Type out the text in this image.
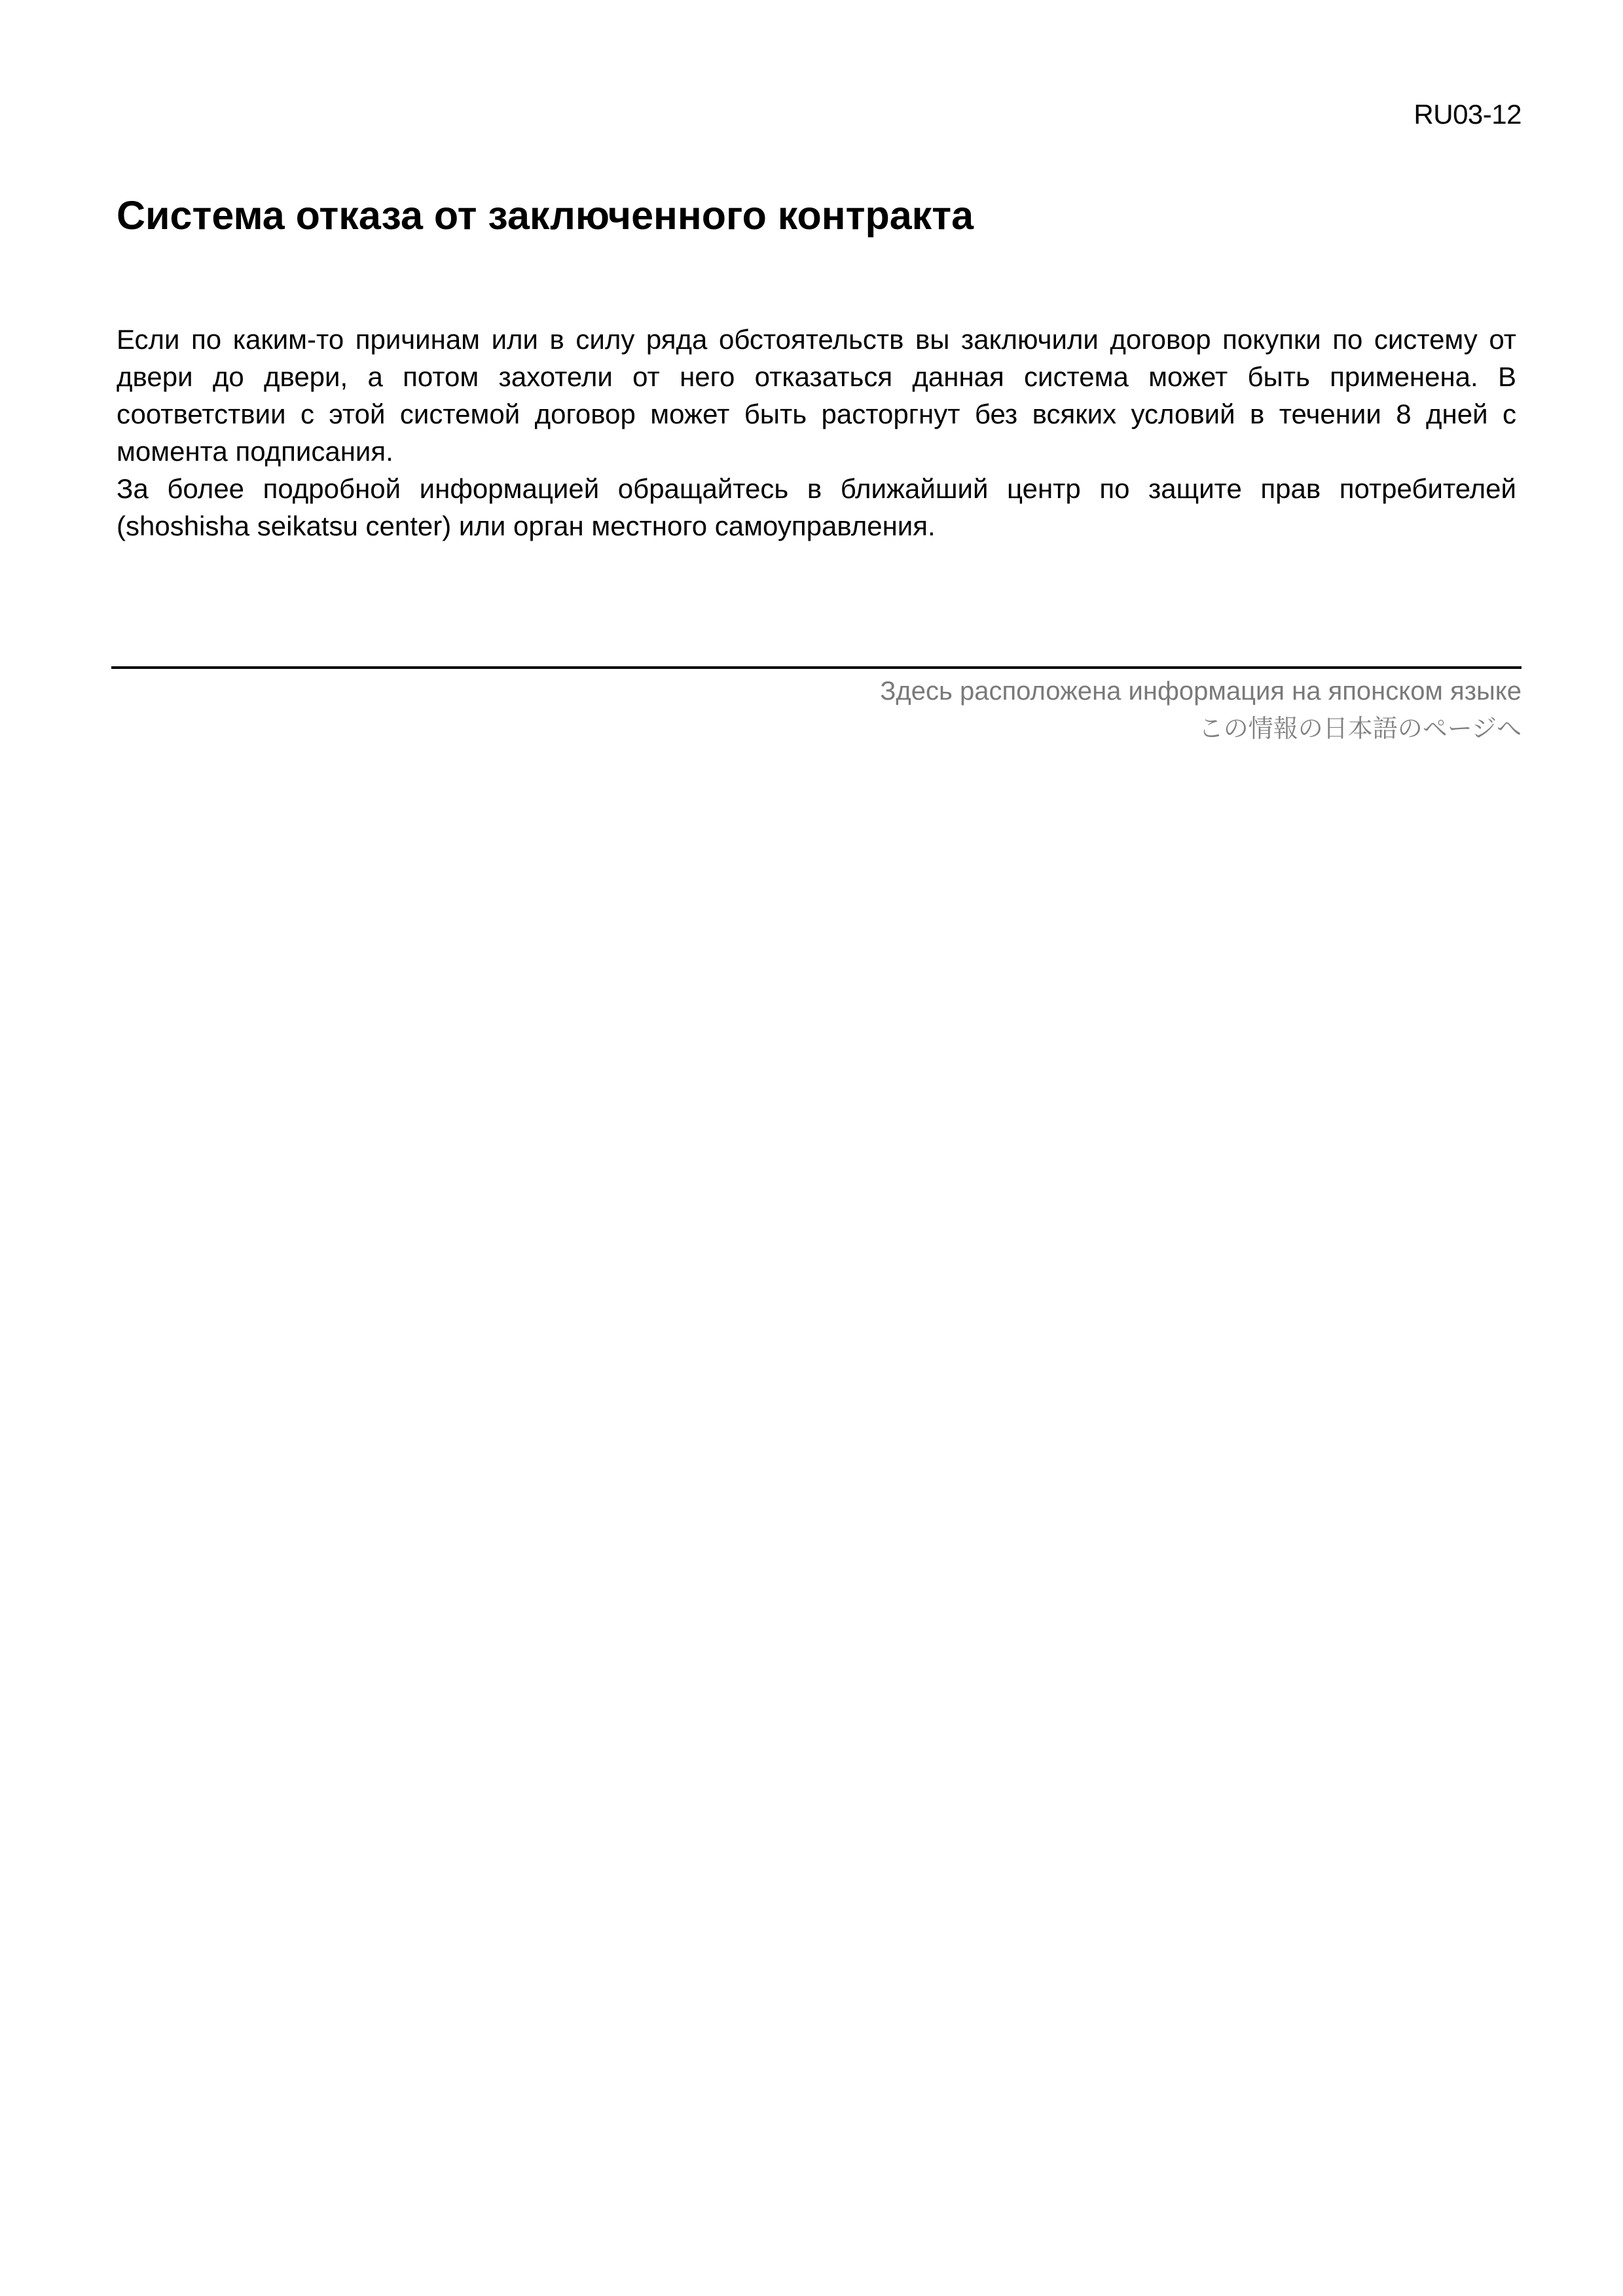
RU03-12
Система отказа от заключенного контракта

Если по каким-то причинам или в силу ряда обстоятельств вы заключили договор покупки по систему от двери до двери, а потом захотели от него отказаться данная система может быть применена. В соответствии с этой системой договор может быть расторгнут без всяких условий в течении 8 дней с момента подписания.

За более подробной информацией обращайтесь в ближайший центр по защите прав потребителей (shoshisha seikatsu center) или орган местного самоуправления.

Здесь расположена информация на японском языке
この情報の日本語のページへ
